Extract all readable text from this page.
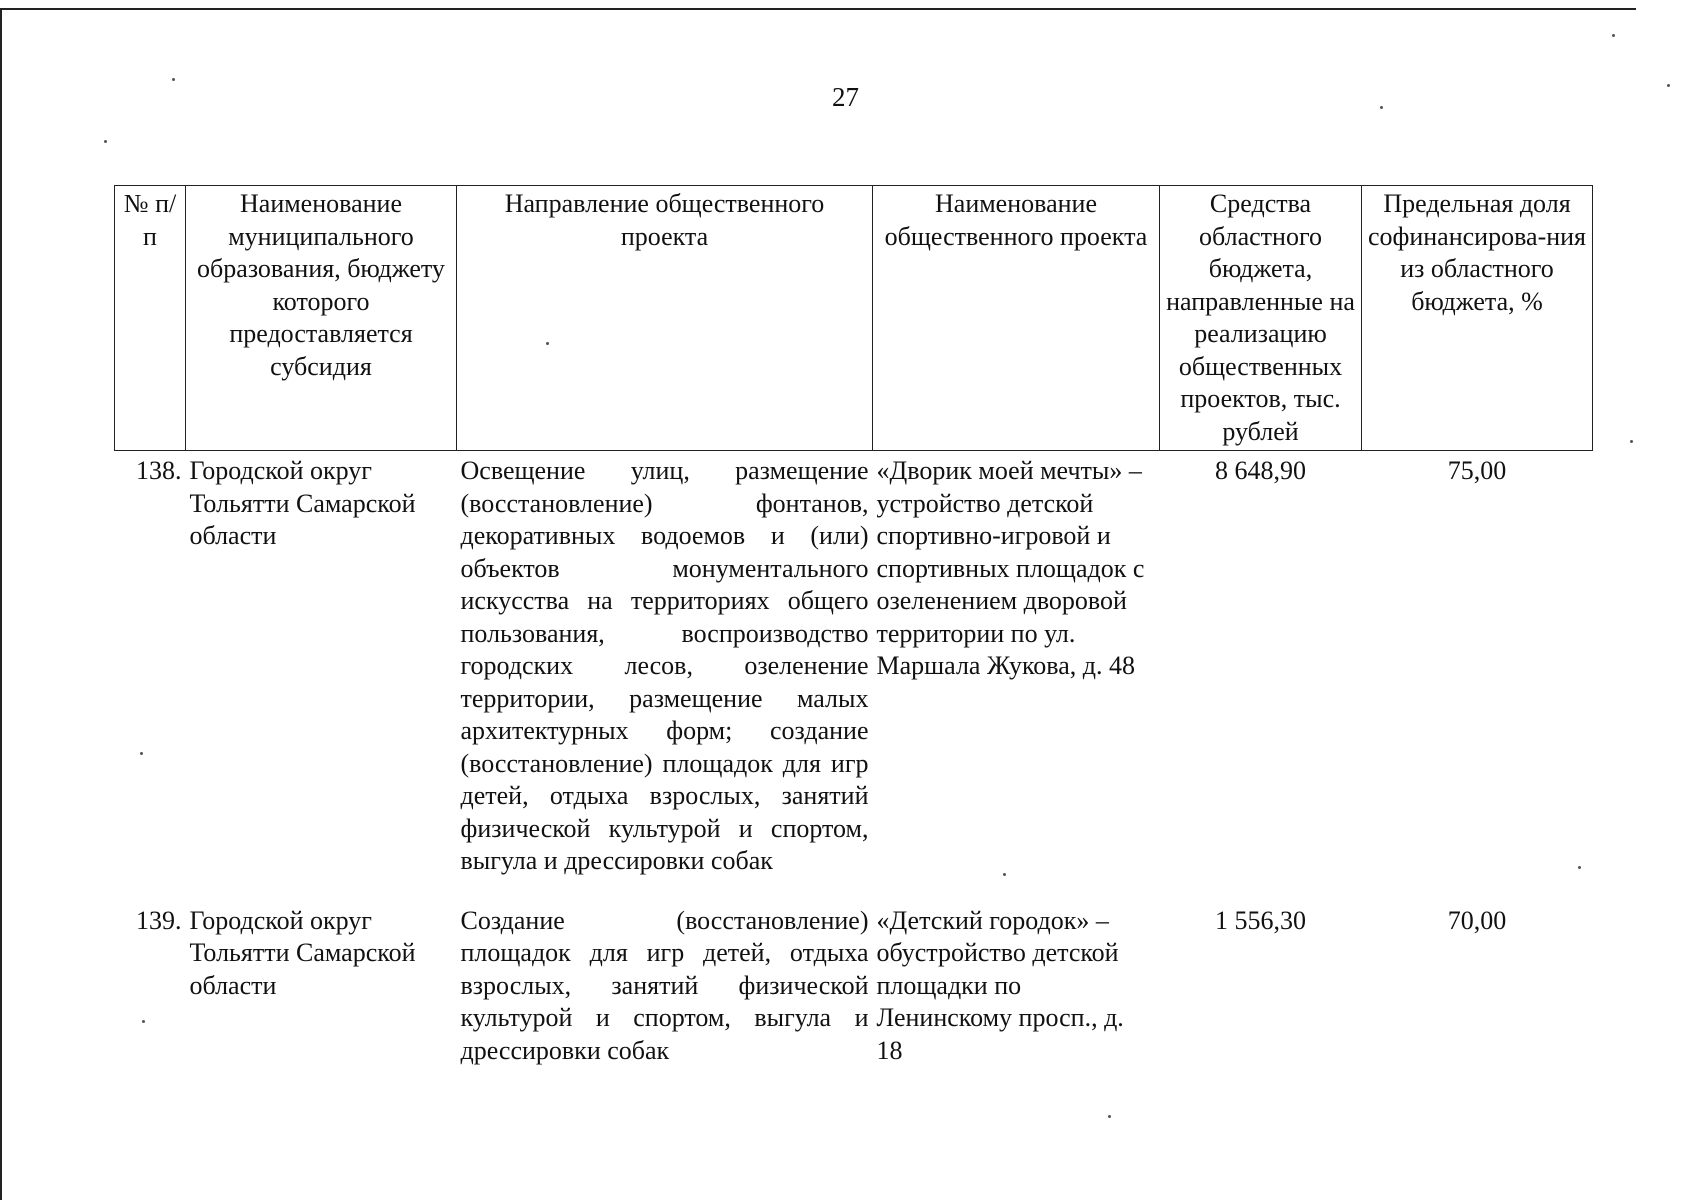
27
№ п/п	Наименование муниципального образования, бюджету которого предоставляется субсидия	Направление общественного проекта	Наименование общественного проекта	Средства областного бюджета, направленные на реализацию общественных проектов, тыс. рублей	Предельная доля софинансирова-ния из областного бюджета, %
138.	Городской округ Тольятти Самарской области	Освещение улиц, размещение (восстановление) фонтанов, декоративных водоемов и (или) объектов монументального искусства на территориях общего пользования, воспроизводство городских лесов, озеленение территории, размещение малых архитектурных форм; создание (восстановление) площадок для игр детей, отдыха взрослых, занятий физической культурой и спортом, выгула и дрессировки собак	«Дворик моей мечты» – устройство детской спортивно-игровой и спортивных площадок с озеленением дворовой территории по ул. Маршала Жукова, д. 48	8 648,90	75,00
139.	Городской округ Тольятти Самарской области	Создание (восстановление) площадок для игр детей, отдыха взрослых, занятий физической культурой и спортом, выгула и дрессировки собак	«Детский городок» – обустройство детской площадки по Ленинскому просп., д. 18	1 556,30	70,00
